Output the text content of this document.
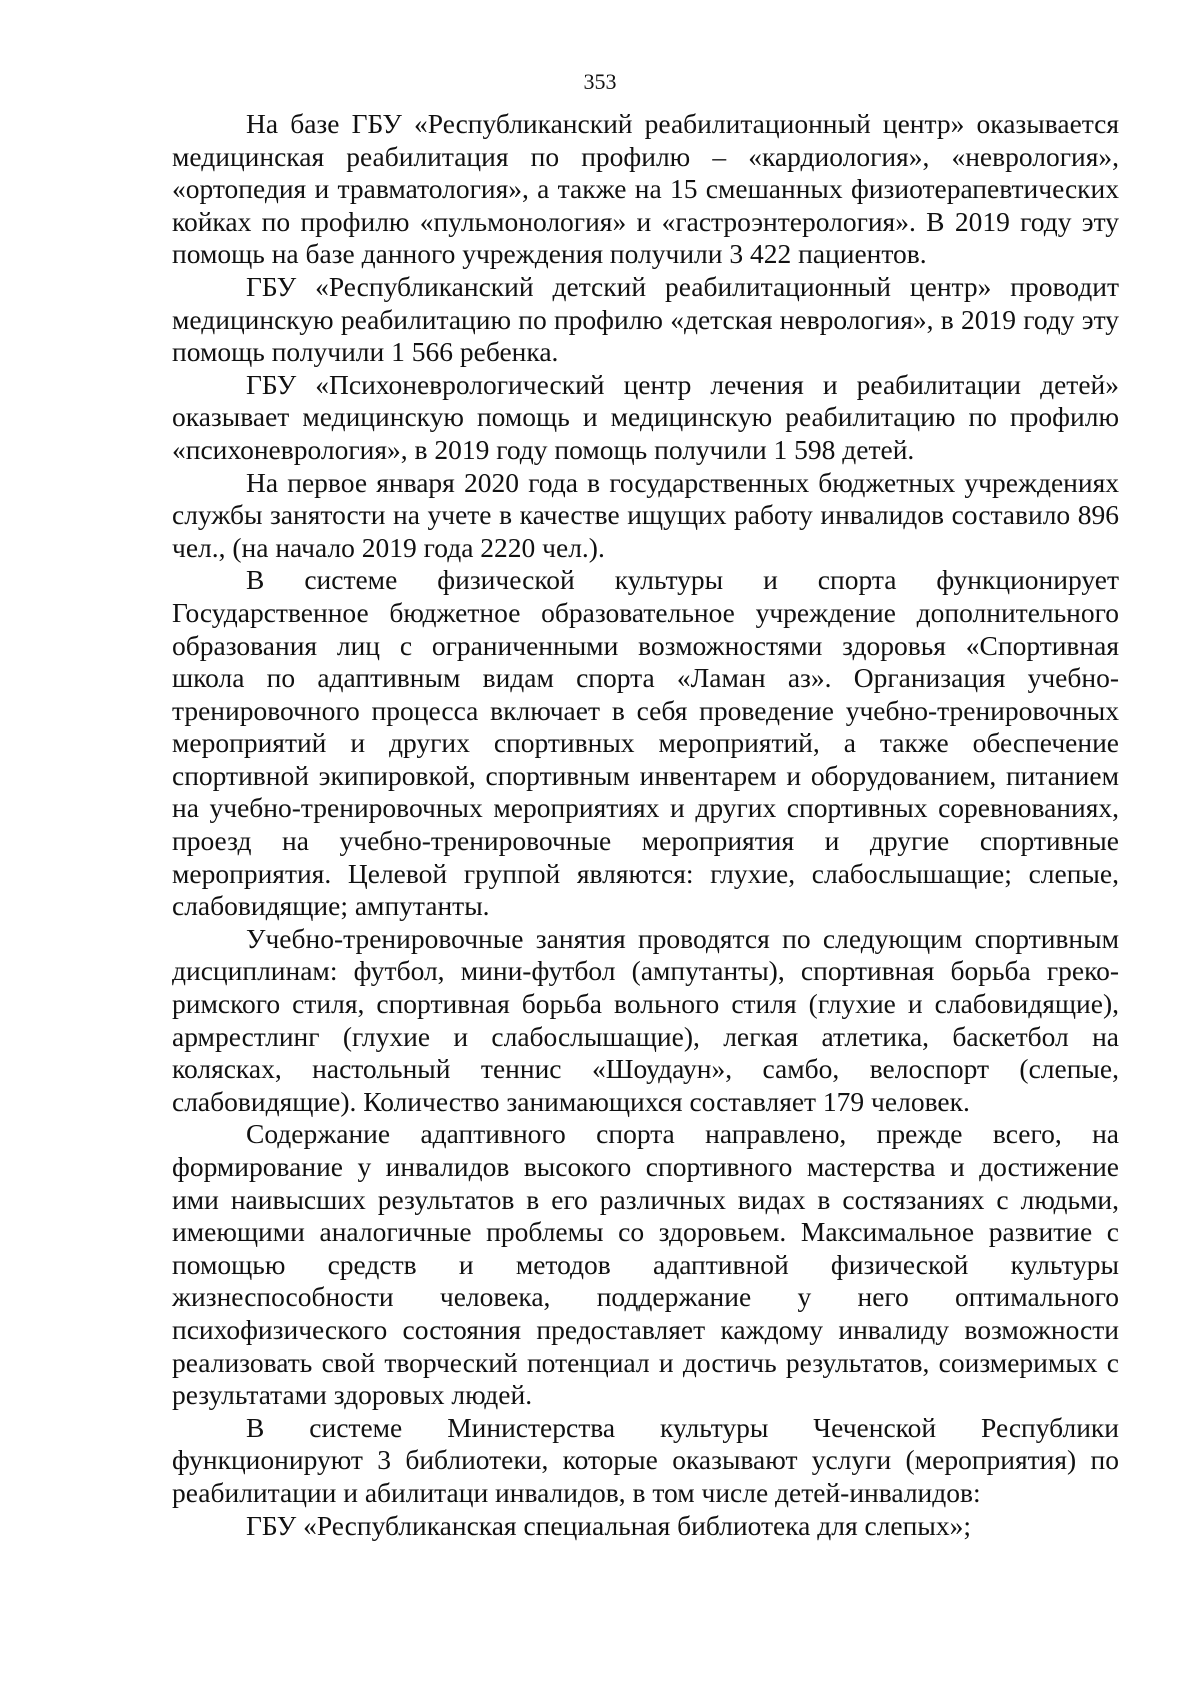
353

На базе ГБУ «Республиканский реабилитационный центр» оказывается медицинская реабилитация по профилю – «кардиология», «неврология», «ортопедия и травматология», а также на 15 смешанных физиотерапевтических койках по профилю «пульмонология» и «гастроэнтерология». В 2019 году эту помощь на базе данного учреждения получили 3 422 пациентов.

ГБУ «Республиканский детский реабилитационный центр» проводит медицинскую реабилитацию по профилю «детская неврология», в 2019 году эту помощь получили 1 566 ребенка.

ГБУ «Психоневрологический центр лечения и реабилитации детей» оказывает медицинскую помощь и медицинскую реабилитацию по профилю «психоневрология», в 2019 году помощь получили 1 598 детей.

На первое января 2020 года в государственных бюджетных учреждениях службы занятости на учете в качестве ищущих работу инвалидов составило 896 чел., (на начало 2019 года 2220 чел.).

В системе физической культуры и спорта функционирует Государственное бюджетное образовательное учреждение дополнительного образования лиц с ограниченными возможностями здоровья «Спортивная школа по адаптивным видам спорта «Ламан аз». Организация учебно-тренировочного процесса включает в себя проведение учебно-тренировочных мероприятий и других спортивных мероприятий, а также обеспечение спортивной экипировкой, спортивным инвентарем и оборудованием, питанием на учебно-тренировочных мероприятиях и других спортивных соревнованиях, проезд на учебно-тренировочные мероприятия и другие спортивные мероприятия. Целевой группой являются: глухие, слабослышащие; слепые, слабовидящие; ампутанты.

Учебно-тренировочные занятия проводятся по следующим спортивным дисциплинам: футбол, мини-футбол (ампутанты), спортивная борьба греко-римского стиля, спортивная борьба вольного стиля (глухие и слабовидящие), армрестлинг (глухие и слабослышащие), легкая атлетика, баскетбол на колясках, настольный теннис «Шоудаун», самбо, велоспорт (слепые, слабовидящие). Количество занимающихся составляет 179 человек.

Содержание адаптивного спорта направлено, прежде всего, на формирование у инвалидов высокого спортивного мастерства и достижение ими наивысших результатов в его различных видах в состязаниях с людьми, имеющими аналогичные проблемы со здоровьем. Максимальное развитие с помощью средств и методов адаптивной физической культуры жизнеспособности человека, поддержание у него оптимального психофизического состояния предоставляет каждому инвалиду возможности реализовать свой творческий потенциал и достичь результатов, соизмеримых с результатами здоровых людей.

В системе Министерства культуры Чеченской Республики функционируют 3 библиотеки, которые оказывают услуги (мероприятия) по реабилитации и абилитаци инвалидов, в том числе детей-инвалидов:

ГБУ «Республиканская специальная библиотека для слепых»;
